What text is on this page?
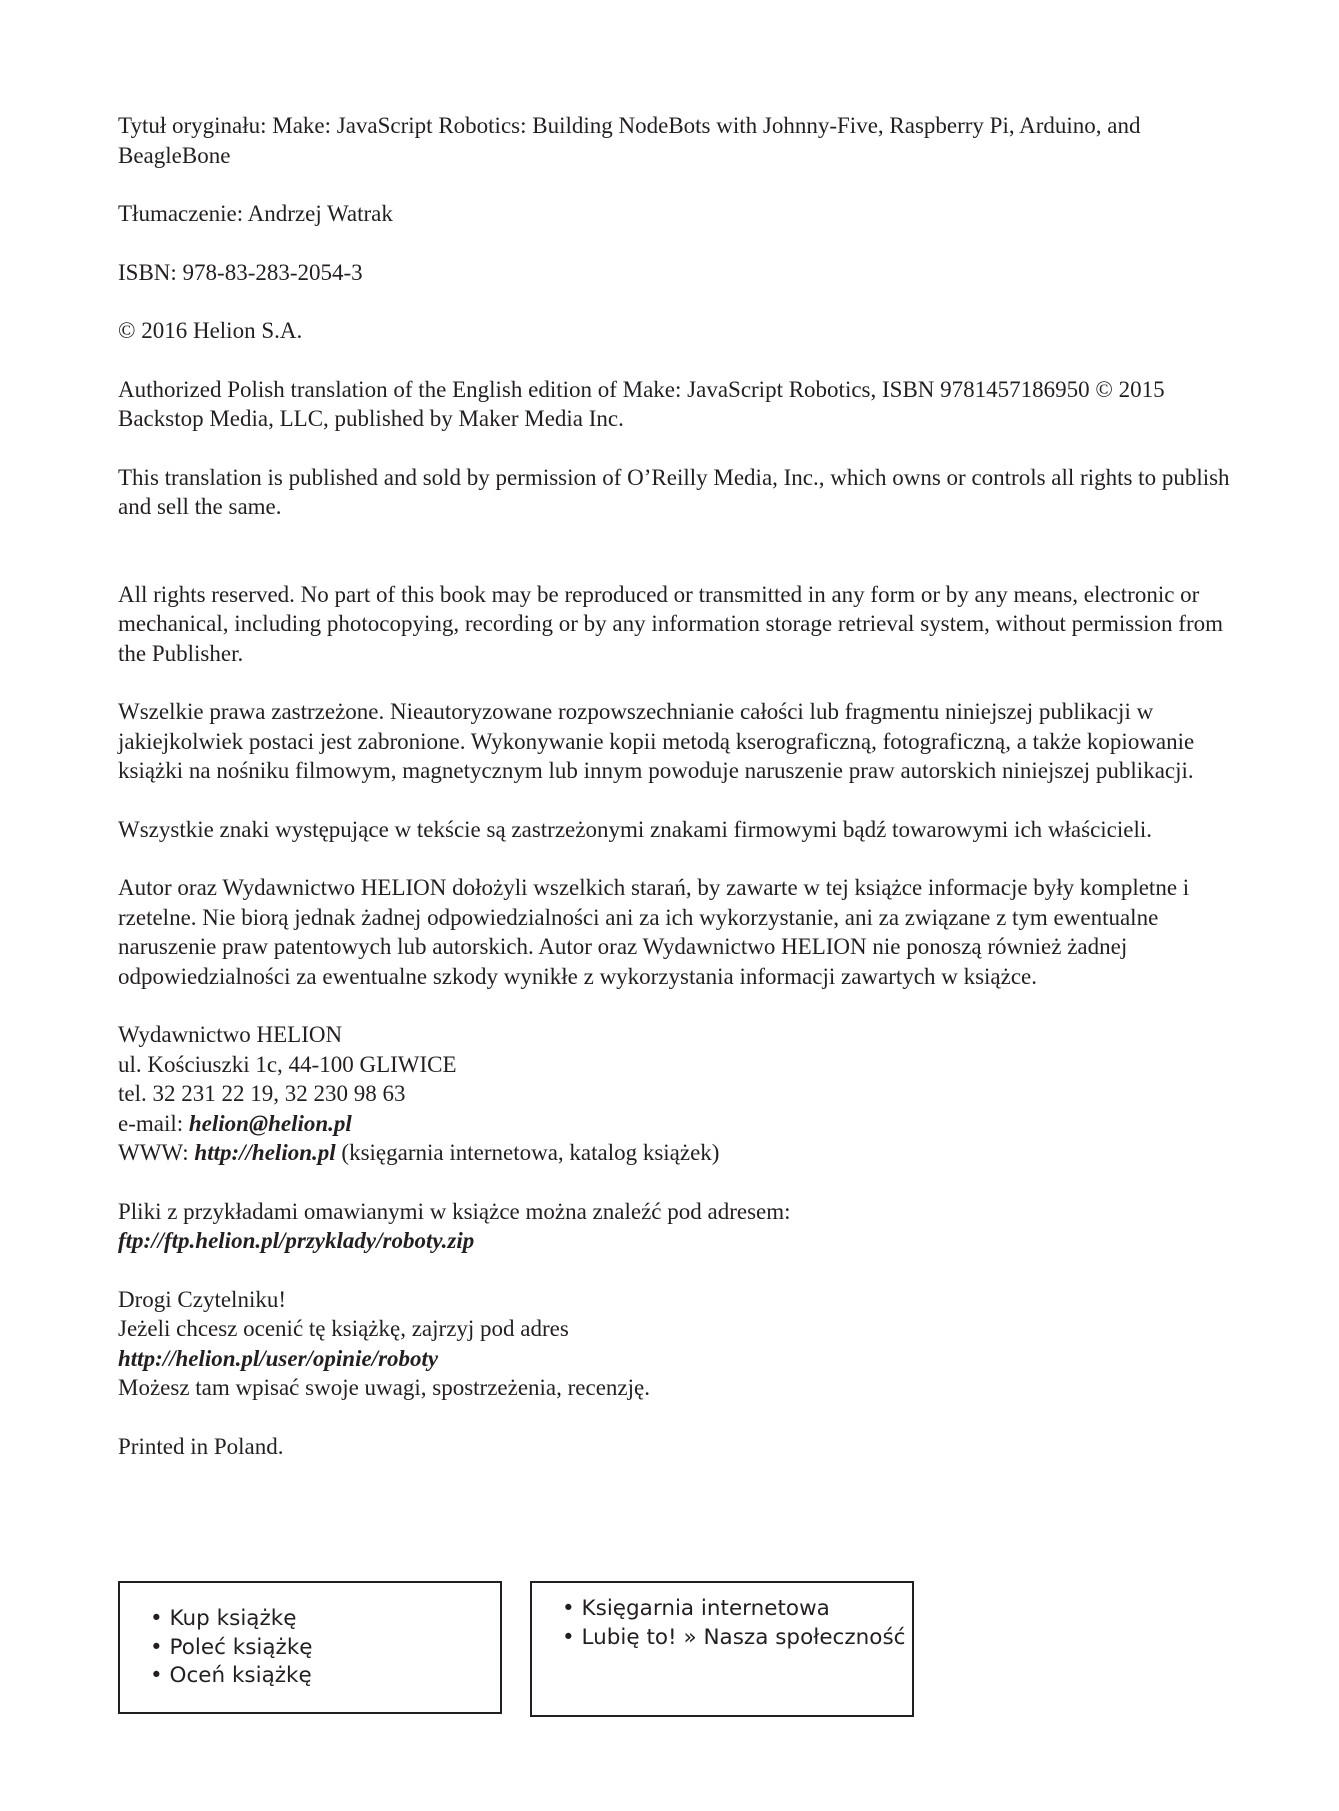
Tytuł oryginału: Make: JavaScript Robotics: Building NodeBots with Johnny-Five, Raspberry Pi, Arduino, and BeagleBone

Tłumaczenie: Andrzej Watrak

ISBN: 978-83-283-2054-3

© 2016 Helion S.A.

Authorized Polish translation of the English edition of Make: JavaScript Robotics, ISBN 9781457186950 © 2015 Backstop Media, LLC, published by Maker Media Inc.

This translation is published and sold by permission of O’Reilly Media, Inc., which owns or controls all rights to publish and sell the same.

All rights reserved. No part of this book may be reproduced or transmitted in any form or by any means, electronic or mechanical, including photocopying, recording or by any information storage retrieval system, without permission from the Publisher.

Wszelkie prawa zastrzeżone. Nieautoryzowane rozpowszechnianie całości lub fragmentu niniejszej publikacji w jakiejkolwiek postaci jest zabronione. Wykonywanie kopii metodą kserograficzną, fotograficzną, a także kopiowanie książki na nośniku filmowym, magnetycznym lub innym powoduje naruszenie praw autorskich niniejszej publikacji.

Wszystkie znaki występujące w tekście są zastrzeżonymi znakami firmowymi bądź towarowymi ich właścicieli.

Autor oraz Wydawnictwo HELION dołożyli wszelkich starań, by zawarte w tej książce informacje były kompletne i rzetelne. Nie biorą jednak żadnej odpowiedzialności ani za ich wykorzystanie, ani za związane z tym ewentualne naruszenie praw patentowych lub autorskich. Autor oraz Wydawnictwo HELION nie ponoszą również żadnej odpowiedzialności za ewentualne szkody wynikłe z wykorzystania informacji zawartych w książce.

Wydawnictwo HELION

ul. Kościuszki 1c, 44-100 GLIWICE

tel. 32 231 22 19, 32 230 98 63

e-mail: helion@helion.pl

WWW: http://helion.pl (księgarnia internetowa, katalog książek)

Pliki z przykładami omawianymi w książce można znaleźć pod adresem:

ftp://ftp.helion.pl/przyklady/roboty.zip

Drogi Czytelniku!

Jeżeli chcesz ocenić tę książkę, zajrzyj pod adres

http://helion.pl/user/opinie/roboty

Możesz tam wpisać swoje uwagi, spostrzeżenia, recenzję.

Printed in Poland.

• Kup książkę
• Poleć książkę
• Oceń książkę
• Księgarnia internetowa
• Lubię to! » Nasza społeczność
